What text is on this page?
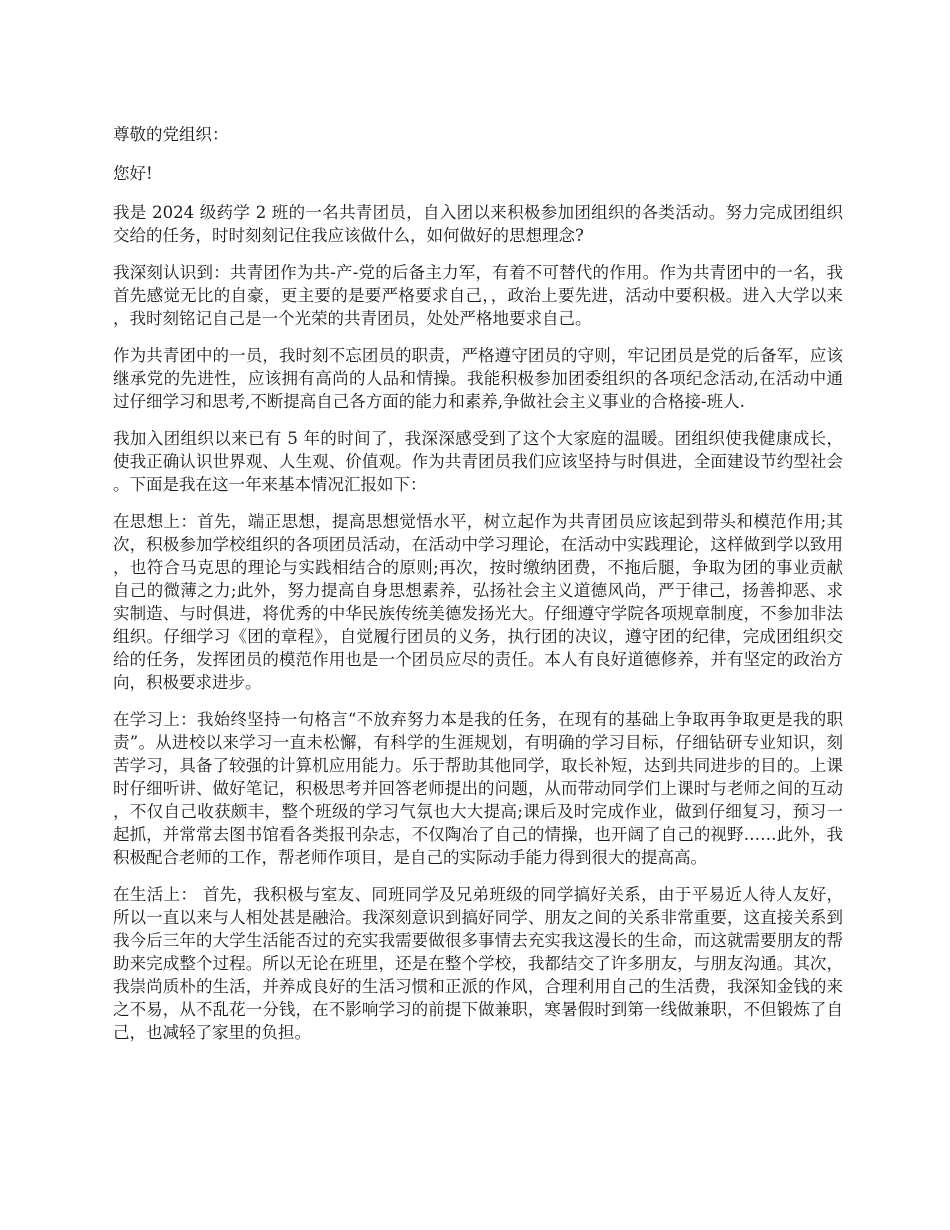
尊敬的党组织：

您好!

我是 2024 级药学 2 班的一名共青团员，自入团以来积极参加团组织的各类活动。努力完成团组织交给的任务，时时刻刻记住我应该做什么，如何做好的思想理念?

我深刻认识到：共青团作为共-产-党的后备主力军，有着不可替代的作用。作为共青团中的一名，我首先感觉无比的自豪，更主要的是要严格要求自己，，政治上要先进，活动中要积极。进入大学以来，我时刻铭记自己是一个光荣的共青团员，处处严格地要求自己。

作为共青团中的一员，我时刻不忘团员的职责，严格遵守团员的守则，牢记团员是党的后备军，应该继承党的先进性，应该拥有高尚的人品和情操。我能积极参加团委组织的各项纪念活动,在活动中通过仔细学习和思考,不断提高自己各方面的能力和素养,争做社会主义事业的合格接-班人.

我加入团组织以来已有 5 年的时间了，我深深感受到了这个大家庭的温暖。团组织使我健康成长，使我正确认识世界观、人生观、价值观。作为共青团员我们应该坚持与时俱进，全面建设节约型社会。下面是我在这一年来基本情况汇报如下：

在思想上：首先，端正思想，提高思想觉悟水平，树立起作为共青团员应该起到带头和模范作用;其次，积极参加学校组织的各项团员活动，在活动中学习理论，在活动中实践理论，这样做到学以致用，也符合马克思的理论与实践相结合的原则;再次，按时缴纳团费，不拖后腿，争取为团的事业贡献自己的微薄之力;此外，努力提高自身思想素养，弘扬社会主义道德风尚，严于律己，扬善抑恶、求实制造、与时俱进，将优秀的中华民族传统美德发扬光大。仔细遵守学院各项规章制度，不参加非法组织。仔细学习《团的章程》，自觉履行团员的义务，执行团的决议，遵守团的纪律，完成团组织交给的任务，发挥团员的模范作用也是一个团员应尽的责任。本人有良好道德修养，并有坚定的政治方向，积极要求进步。

在学习上：我始终坚持一句格言“不放弃努力本是我的任务，在现有的基础上争取再争取更是我的职责”。从进校以来学习一直未松懈，有科学的生涯规划，有明确的学习目标，仔细钻研专业知识，刻苦学习，具备了较强的计算机应用能力。乐于帮助其他同学，取长补短，达到共同进步的目的。上课时仔细听讲、做好笔记，积极思考并回答老师提出的问题，从而带动同学们上课时与老师之间的互动，不仅自己收获颇丰，整个班级的学习气氛也大大提高;课后及时完成作业，做到仔细复习，预习一起抓，并常常去图书馆看各类报刊杂志，不仅陶冶了自己的情操，也开阔了自己的视野……此外，我积极配合老师的工作，帮老师作项目，是自己的实际动手能力得到很大的提高高。

在生活上： 首先，我积极与室友、同班同学及兄弟班级的同学搞好关系，由于平易近人待人友好，所以一直以来与人相处甚是融洽。我深刻意识到搞好同学、朋友之间的关系非常重要，这直接关系到我今后三年的大学生活能否过的充实我需要做很多事情去充实我这漫长的生命，而这就需要朋友的帮助来完成整个过程。所以无论在班里，还是在整个学校，我都结交了许多朋友，与朋友沟通。其次，我崇尚质朴的生活，并养成良好的生活习惯和正派的作风，合理利用自己的生活费，我深知金钱的来之不易，从不乱花一分钱，在不影响学习的前提下做兼职，寒暑假时到第一线做兼职，不但锻炼了自己，也减轻了家里的负担。
